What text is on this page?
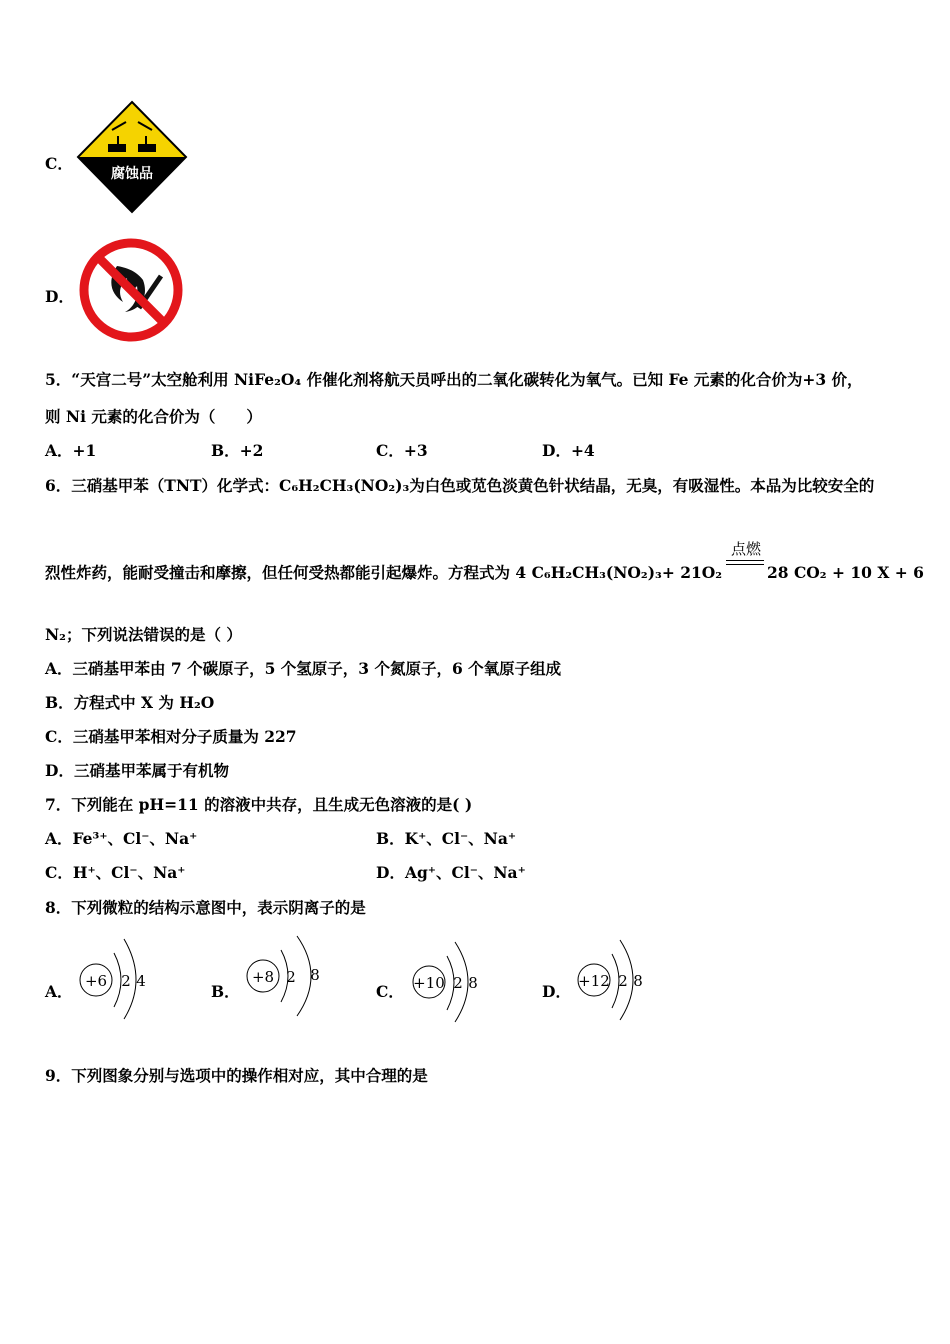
C．
腐蚀品
D．
5．“天宫二号”太空舱利用 NiFe₂O₄ 作催化剂将航天员呼出的二氧化碳转化为氧气。已知 Fe 元素的化合价为+3 价，
则 Ni 元素的化合价为（　　）
A．+1	B．+2	C．+3	D．+4
6．三硝基甲苯（TNT）化学式：C₆H₂CH₃(NO₂)₃为白色或苋色淡黄色针状结晶，无臭，有吸湿性。本品为比较安全的
烈性炸药，能耐受撞击和摩擦，但任何受热都能引起爆炸。方程式为 4 C₆H₂CH₃(NO₂)₃+ 21O₂
点燃
28 CO₂ + 10 X + 6
N₂；下列说法错误的是（ ）
A．三硝基甲苯由 7 个碳原子，5 个氢原子，3 个氮原子，6 个氧原子组成
B．方程式中 X 为 H₂O
C．三硝基甲苯相对分子质量为 227
D．三硝基甲苯属于有机物
7．下列能在 pH=11 的溶液中共存，且生成无色溶液的是( )
A．Fe³⁺、Cl⁻、Na⁺	B．K⁺、Cl⁻、Na⁺
C．H⁺、Cl⁻、Na⁺	D．Ag⁺、Cl⁻、Na⁺
8．下列微粒的结构示意图中，表示阴离子的是
A．
+6 2 4
B．
+8 2 8
C． +10 2 8	D．
+12 2 8
9．下列图象分别与选项中的操作相对应，其中合理的是
